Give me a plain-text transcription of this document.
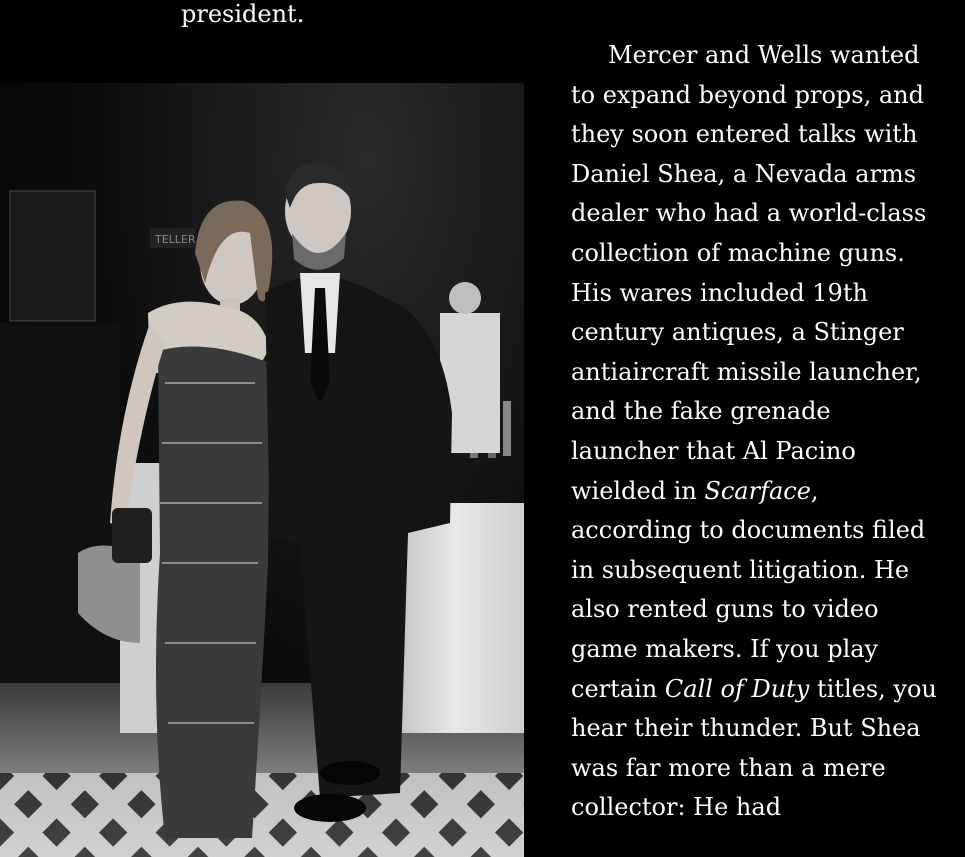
president.

TELLER

Mercer and Wells wanted to expand beyond props, and they soon entered talks with Daniel Shea, a Nevada arms dealer who had a world-class collection of machine guns. His wares included 19th century antiques, a Stinger antiaircraft missile launcher, and the fake grenade launcher that Al Pacino wielded in Scarface, according to documents filed in subsequent litigation. He also rented guns to video game makers. If you play certain Call of Duty titles, you hear their thunder. But Shea was far more than a mere collector: He had
